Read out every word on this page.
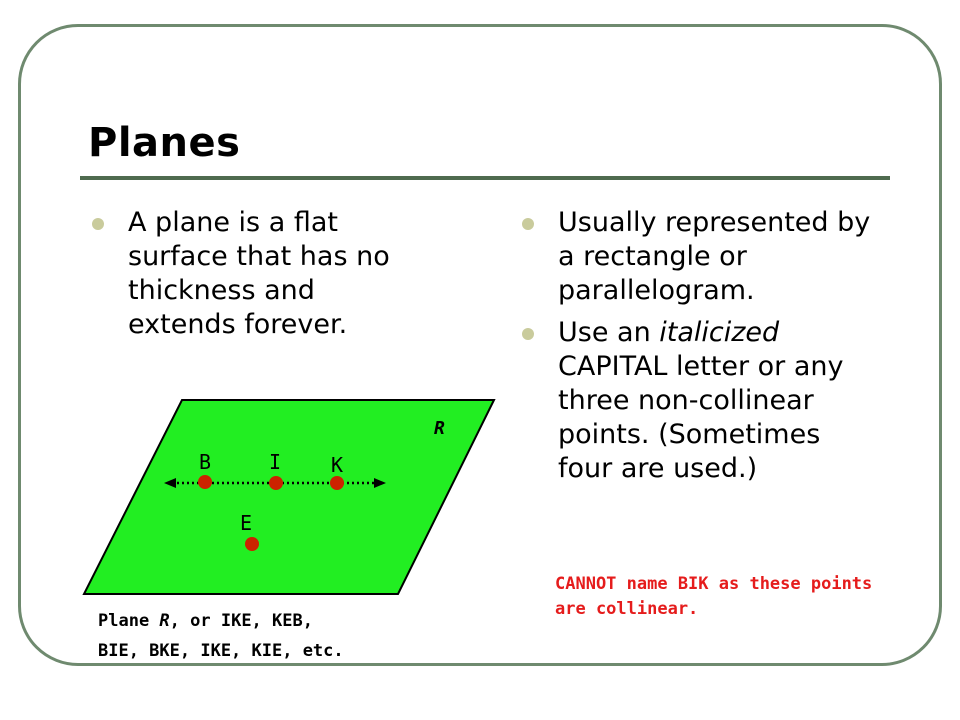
Planes
A plane is a flat surface that has no thickness and extends forever.
Usually represented by a rectangle or parallelogram.
Use an italicized CAPITAL letter or any three non-collinear points. (Sometimes four are used.)
CANNOT name BIK as these points are collinear.
R
B	I K
E
Plane R, or IKE, KEB,
BIE, BKE, IKE, KIE, etc.
